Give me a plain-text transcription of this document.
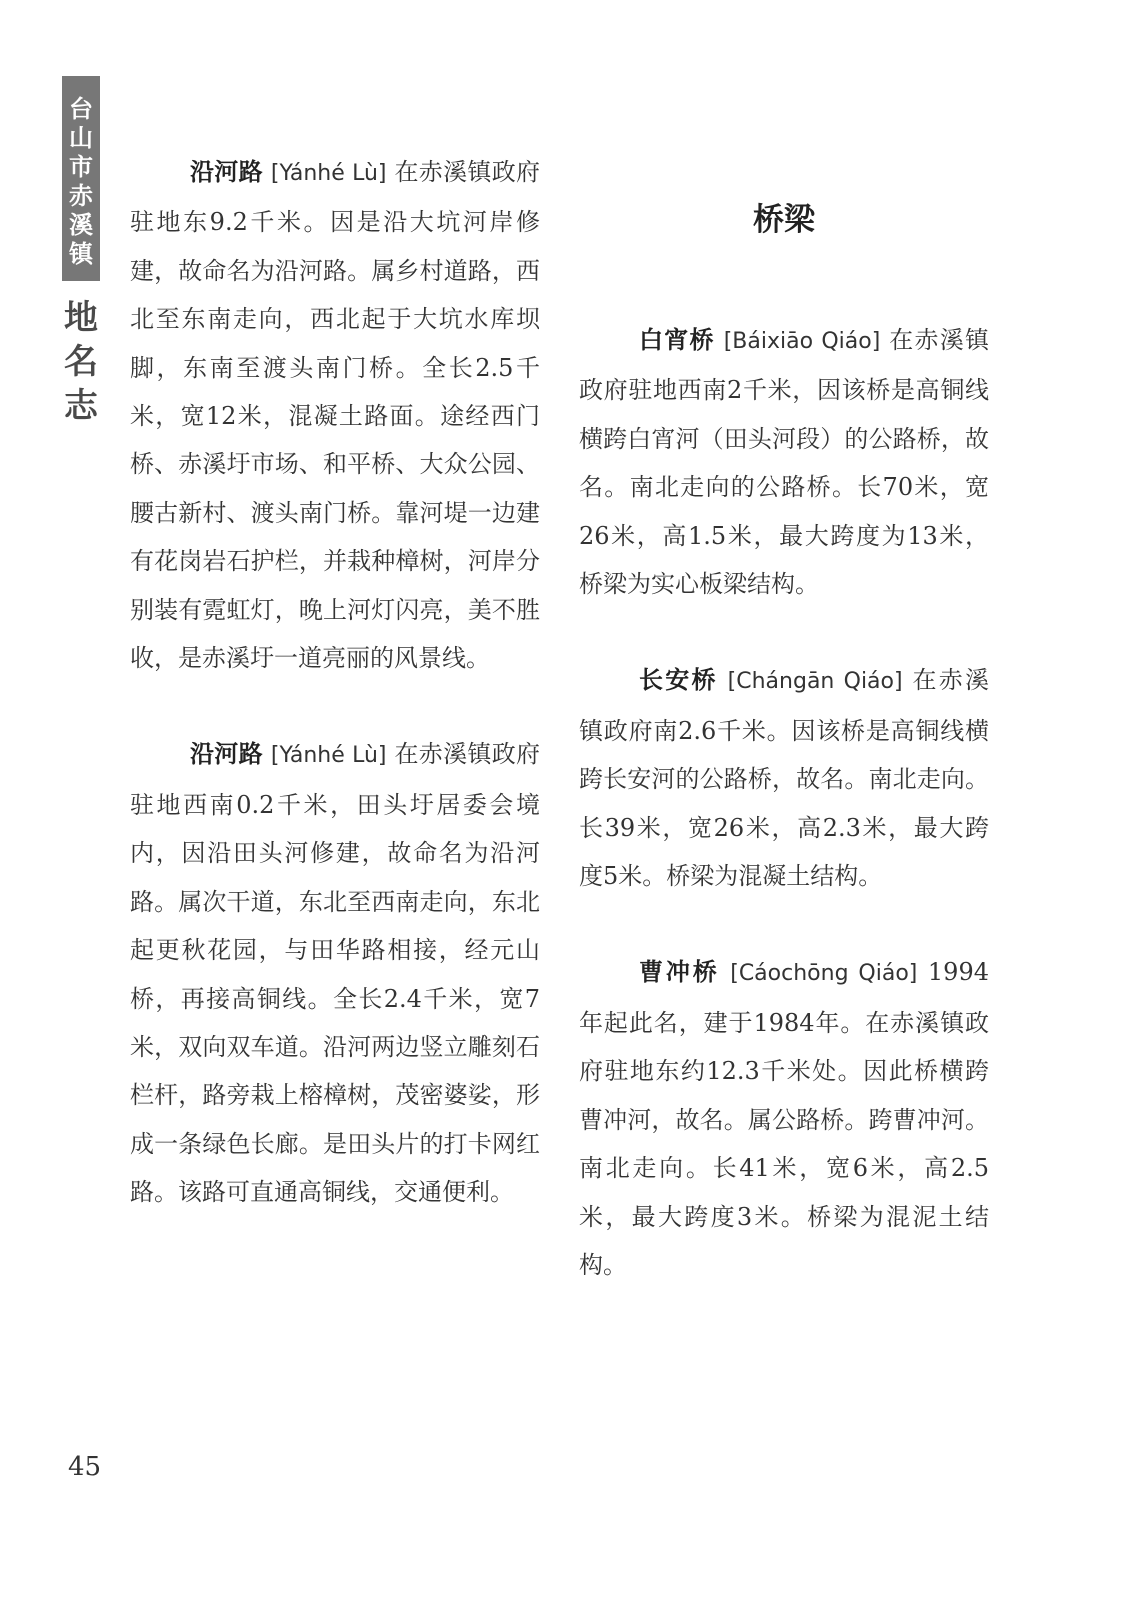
台
山
市
赤
溪
镇
地
名
志

沿河路 [Yánhé Lù] 在赤溪镇政府驻地东9.2千米。因是沿大坑河岸修建，故命名为沿河路。属乡村道路，西北至东南走向，西北起于大坑水库坝脚，东南至渡头南门桥。全长2.5千米，宽12米，混凝土路面。途经西门桥、赤溪圩市场、和平桥、大众公园、腰古新村、渡头南门桥。靠河堤一边建有花岗岩石护栏，并栽种樟树，河岸分别装有霓虹灯，晚上河灯闪亮，美不胜收，是赤溪圩一道亮丽的风景线。

沿河路 [Yánhé Lù] 在赤溪镇政府驻地西南0.2千米，田头圩居委会境内，因沿田头河修建，故命名为沿河路。属次干道，东北至西南走向，东北起更秋花园，与田华路相接，经元山桥，再接高铜线。全长2.4千米，宽7米，双向双车道。沿河两边竖立雕刻石栏杆，路旁栽上榕樟树，茂密婆娑，形成一条绿色长廊。是田头片的打卡网红路。该路可直通高铜线，交通便利。

桥梁

白宵桥 [Báixiāo Qiáo] 在赤溪镇政府驻地西南2千米，因该桥是高铜线横跨白宵河（田头河段）的公路桥，故名。南北走向的公路桥。长70米，宽26米，高1.5米，最大跨度为13米，桥梁为实心板梁结构。

长安桥 [Chángān Qiáo] 在赤溪镇政府南2.6千米。因该桥是高铜线横跨长安河的公路桥，故名。南北走向。长39米，宽26米，高2.3米，最大跨度5米。桥梁为混凝土结构。

曹冲桥 [Cáochōng Qiáo] 1994年起此名，建于1984年。在赤溪镇政府驻地东约12.3千米处。因此桥横跨曹冲河，故名。属公路桥。跨曹冲河。南北走向。长41米，宽6米，高2.5米，最大跨度3米。桥梁为混泥土结构。

45
